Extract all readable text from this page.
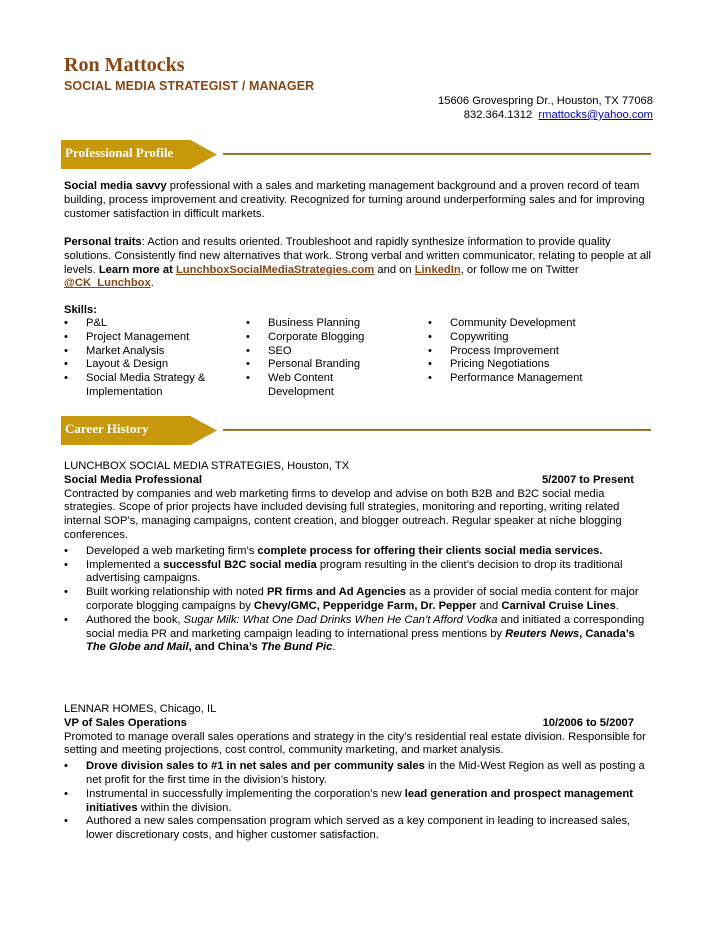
Ron Mattocks
SOCIAL MEDIA STRATEGIST / MANAGER
15606 Grovespring Dr., Houston, TX 77068
832.364.1312 rmattocks@yahoo.com
Professional Profile
Social media savvy professional with a sales and marketing management background and a proven record of team building, process improvement and creativity. Recognized for turning around underperforming sales and for improving customer satisfaction in difficult markets.
Personal traits: Action and results oriented. Troubleshoot and rapidly synthesize information to provide quality solutions. Consistently find new alternatives that work. Strong verbal and written communicator, relating to people at all levels. Learn more at LunchboxSocialMediaStrategies.com and on LinkedIn, or follow me on Twitter @CK_Lunchbox.
Skills:
• P&L
• Project Management
• Market Analysis
• Layout & Design
• Social Media Strategy & Implementation
• Business Planning
• Corporate Blogging
• SEO
• Personal Branding
• Web Content Development
• Community Development
• Copywriting
• Process Improvement
• Pricing Negotiations
• Performance Management
Career History
LUNCHBOX SOCIAL MEDIA STRATEGIES, Houston, TX
Social Media Professional	5/2007 to Present
Contracted by companies and web marketing firms to develop and advise on both B2B and B2C social media strategies. Scope of prior projects have included devising full strategies, monitoring and reporting, writing related internal SOP’s, managing campaigns, content creation, and blogger outreach. Regular speaker at niche blogging conferences.
• Developed a web marketing firm’s complete process for offering their clients social media services.
• Implemented a successful B2C social media program resulting in the client’s decision to drop its traditional advertising campaigns.
• Built working relationship with noted PR firms and Ad Agencies as a provider of social media content for major corporate blogging campaigns by Chevy/GMC, Pepperidge Farm, Dr. Pepper and Carnival Cruise Lines.
• Authored the book, Sugar Milk: What One Dad Drinks When He Can’t Afford Vodka and initiated a corresponding social media PR and marketing campaign leading to international press mentions by Reuters News, Canada’s The Globe and Mail, and China’s The Bund Pic.
LENNAR HOMES, Chicago, IL
VP of Sales Operations	10/2006 to 5/2007
Promoted to manage overall sales operations and strategy in the city’s residential real estate division. Responsible for setting and meeting projections, cost control, community marketing, and market analysis.
• Drove division sales to #1 in net sales and per community sales in the Mid-West Region as well as posting a net profit for the first time in the division’s history.
• Instrumental in successfully implementing the corporation’s new lead generation and prospect management initiatives within the division.
• Authored a new sales compensation program which served as a key component in leading to increased sales, lower discretionary costs, and higher customer satisfaction.
